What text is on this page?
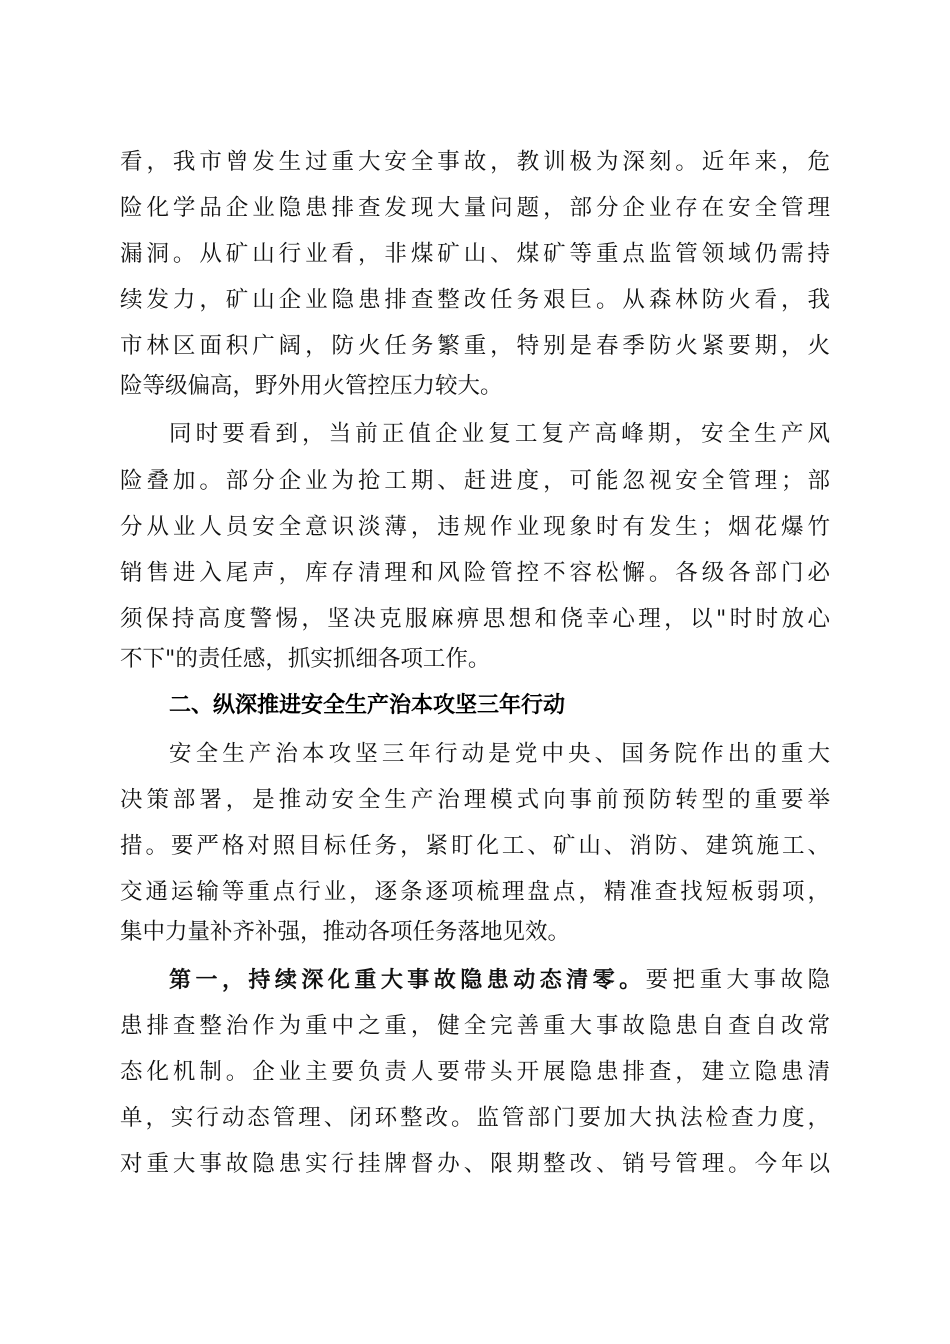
看，我市曾发生过重大安全事故，教训极为深刻。近年来，危
险化学品企业隐患排查发现大量问题，部分企业存在安全管理
漏洞。从矿山行业看，非煤矿山、煤矿等重点监管领域仍需持
续发力，矿山企业隐患排查整改任务艰巨。从森林防火看，我
市林区面积广阔，防火任务繁重，特别是春季防火紧要期，火
险等级偏高，野外用火管控压力较大。
同时要看到，当前正值企业复工复产高峰期，安全生产风
险叠加。部分企业为抢工期、赶进度，可能忽视安全管理；部
分从业人员安全意识淡薄，违规作业现象时有发生；烟花爆竹
销售进入尾声，库存清理和风险管控不容松懈。各级各部门必
须保持高度警惕，坚决克服麻痹思想和侥幸心理，以"时时放心
不下"的责任感，抓实抓细各项工作。
二、纵深推进安全生产治本攻坚三年行动
安全生产治本攻坚三年行动是党中央、国务院作出的重大
决策部署，是推动安全生产治理模式向事前预防转型的重要举
措。要严格对照目标任务，紧盯化工、矿山、消防、建筑施工、
交通运输等重点行业，逐条逐项梳理盘点，精准查找短板弱项，
集中力量补齐补强，推动各项任务落地见效。
第一，持续深化重大事故隐患动态清零。要把重大事故隐
患排查整治作为重中之重，健全完善重大事故隐患自查自改常
态化机制。企业主要负责人要带头开展隐患排查，建立隐患清
单，实行动态管理、闭环整改。监管部门要加大执法检查力度，
对重大事故隐患实行挂牌督办、限期整改、销号管理。今年以
